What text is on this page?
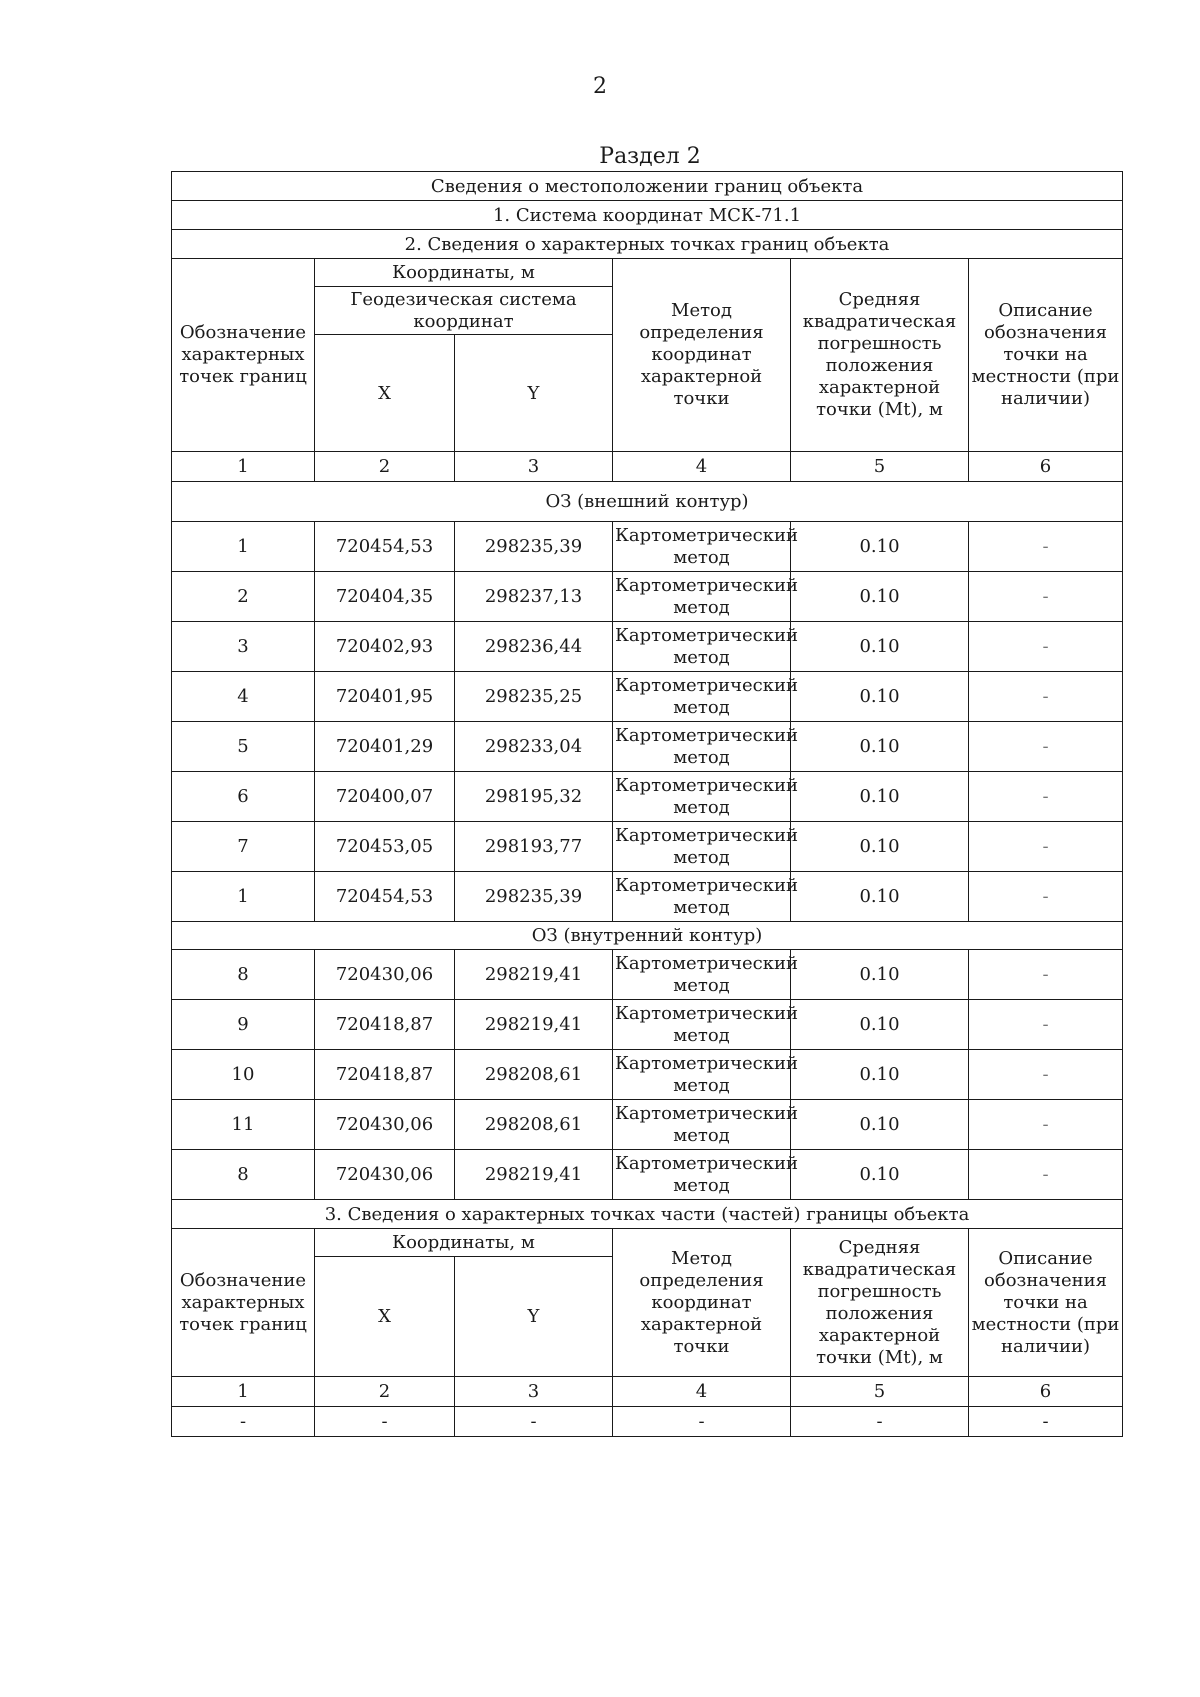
2
Раздел 2
Сведения о местоположении границ объекта					
1. Система координат МСК-71.1					
2. Сведения о характерных точках границ объекта					
Обозначение характерных точек границ	Координаты, м		Метод определения координат характерной точки	Средняя квадратическая погрешность положения характерной точки (Mt), м	Описание обозначения точки на местности (при наличии)
	Геодезическая система координат				
	X	Y			
1	2	3	4	5	6
ОЗ (внешний контур)					
1	720454,53	298235,39	Картометрический метод	0.10	-
2	720404,35	298237,13	Картометрический метод	0.10	-
3	720402,93	298236,44	Картометрический метод	0.10	-
4	720401,95	298235,25	Картометрический метод	0.10	-
5	720401,29	298233,04	Картометрический метод	0.10	-
6	720400,07	298195,32	Картометрический метод	0.10	-
7	720453,05	298193,77	Картометрический метод	0.10	-
1	720454,53	298235,39	Картометрический метод	0.10	-
ОЗ (внутренний контур)					
8	720430,06	298219,41	Картометрический метод	0.10	-
9	720418,87	298219,41	Картометрический метод	0.10	-
10	720418,87	298208,61	Картометрический метод	0.10	-
11	720430,06	298208,61	Картометрический метод	0.10	-
8	720430,06	298219,41	Картометрический метод	0.10	-
3. Сведения о характерных точках части (частей) границы объекта					
Обозначение характерных точек границ	Координаты, м		Метод определения координат характерной точки	Средняя квадратическая погрешность положения характерной точки (Mt), м	Описание обозначения точки на местности (при наличии)
	X	Y			
1	2	3	4	5	6
-	-	-	-	-	-
